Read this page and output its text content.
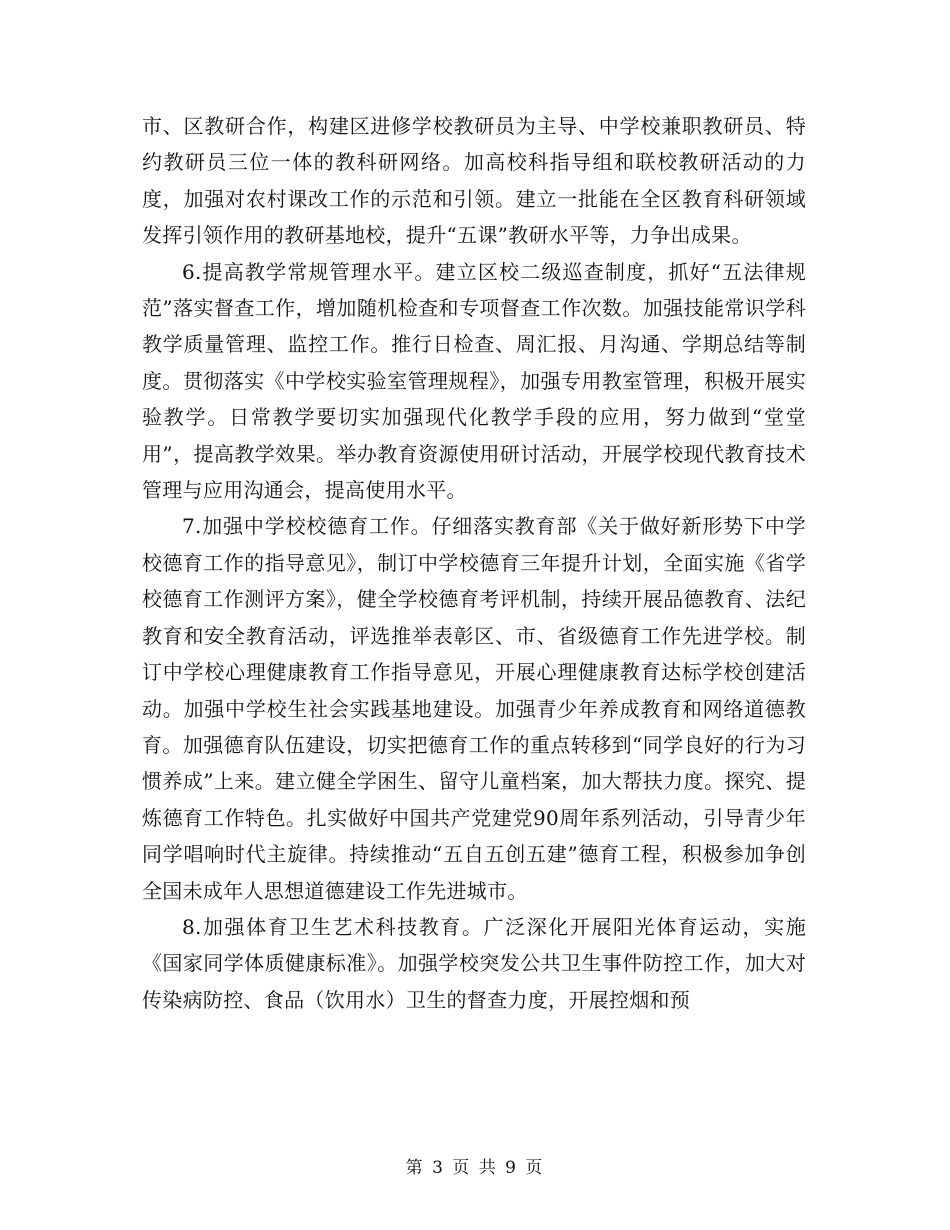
市、区教研合作，构建区进修学校教研员为主导、中学校兼职教研员、特约教研员三位一体的教科研网络。加高校科指导组和联校教研活动的力度，加强对农村课改工作的示范和引领。建立一批能在全区教育科研领域发挥引领作用的教研基地校，提升“五课”教研水平等，力争出成果。

6.提高教学常规管理水平。建立区校二级巡查制度，抓好“五法律规范”落实督查工作，增加随机检查和专项督查工作次数。加强技能常识学科教学质量管理、监控工作。推行日检查、周汇报、月沟通、学期总结等制度。贯彻落实《中学校实验室管理规程》，加强专用教室管理，积极开展实验教学。日常教学要切实加强现代化教学手段的应用，努力做到“堂堂用”，提高教学效果。举办教育资源使用研讨活动，开展学校现代教育技术管理与应用沟通会，提高使用水平。

7.加强中学校校德育工作。仔细落实教育部《关于做好新形势下中学校德育工作的指导意见》，制订中学校德育三年提升计划，全面实施《省学校德育工作测评方案》，健全学校德育考评机制，持续开展品德教育、法纪教育和安全教育活动，评选推举表彰区、市、省级德育工作先进学校。制订中学校心理健康教育工作指导意见，开展心理健康教育达标学校创建活动。加强中学校生社会实践基地建设。加强青少年养成教育和网络道德教育。加强德育队伍建设，切实把德育工作的重点转移到“同学良好的行为习惯养成”上来。建立健全学困生、留守儿童档案，加大帮扶力度。探究、提炼德育工作特色。扎实做好中国共产党建党90周年系列活动，引导青少年同学唱响时代主旋律。持续推动“五自五创五建”德育工程，积极参加争创全国未成年人思想道德建设工作先进城市。

8.加强体育卫生艺术科技教育。广泛深化开展阳光体育运动，实施《国家同学体质健康标准》。加强学校突发公共卫生事件防控工作，加大对传染病防控、食品（饮用水）卫生的督查力度，开展控烟和预

第 3 页 共 9 页
